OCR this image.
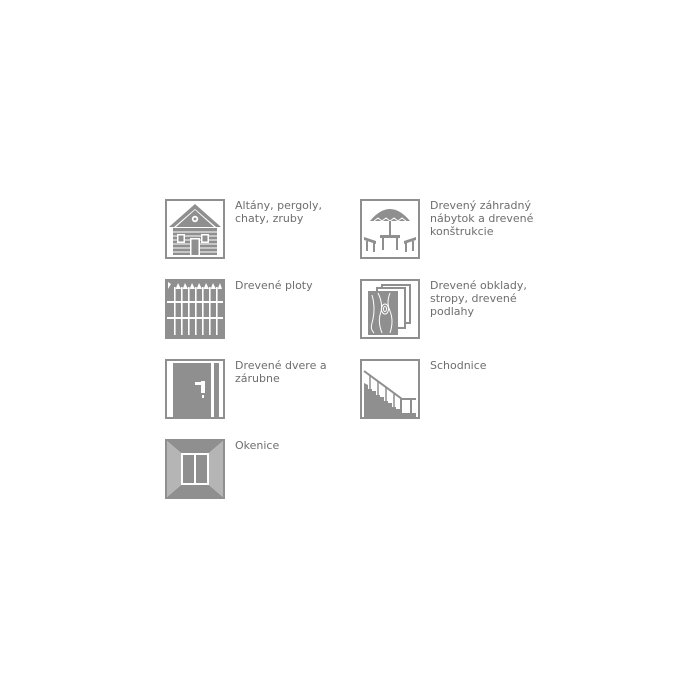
Altány, pergoly,
chaty, zruby
Drevený záhradný
nábytok a drevené
konštrukcie
Drevené ploty	Drevené obklady,
stropy, drevené
podlahy
Drevené dvere a
zárubne
Schodnice
Okenice
